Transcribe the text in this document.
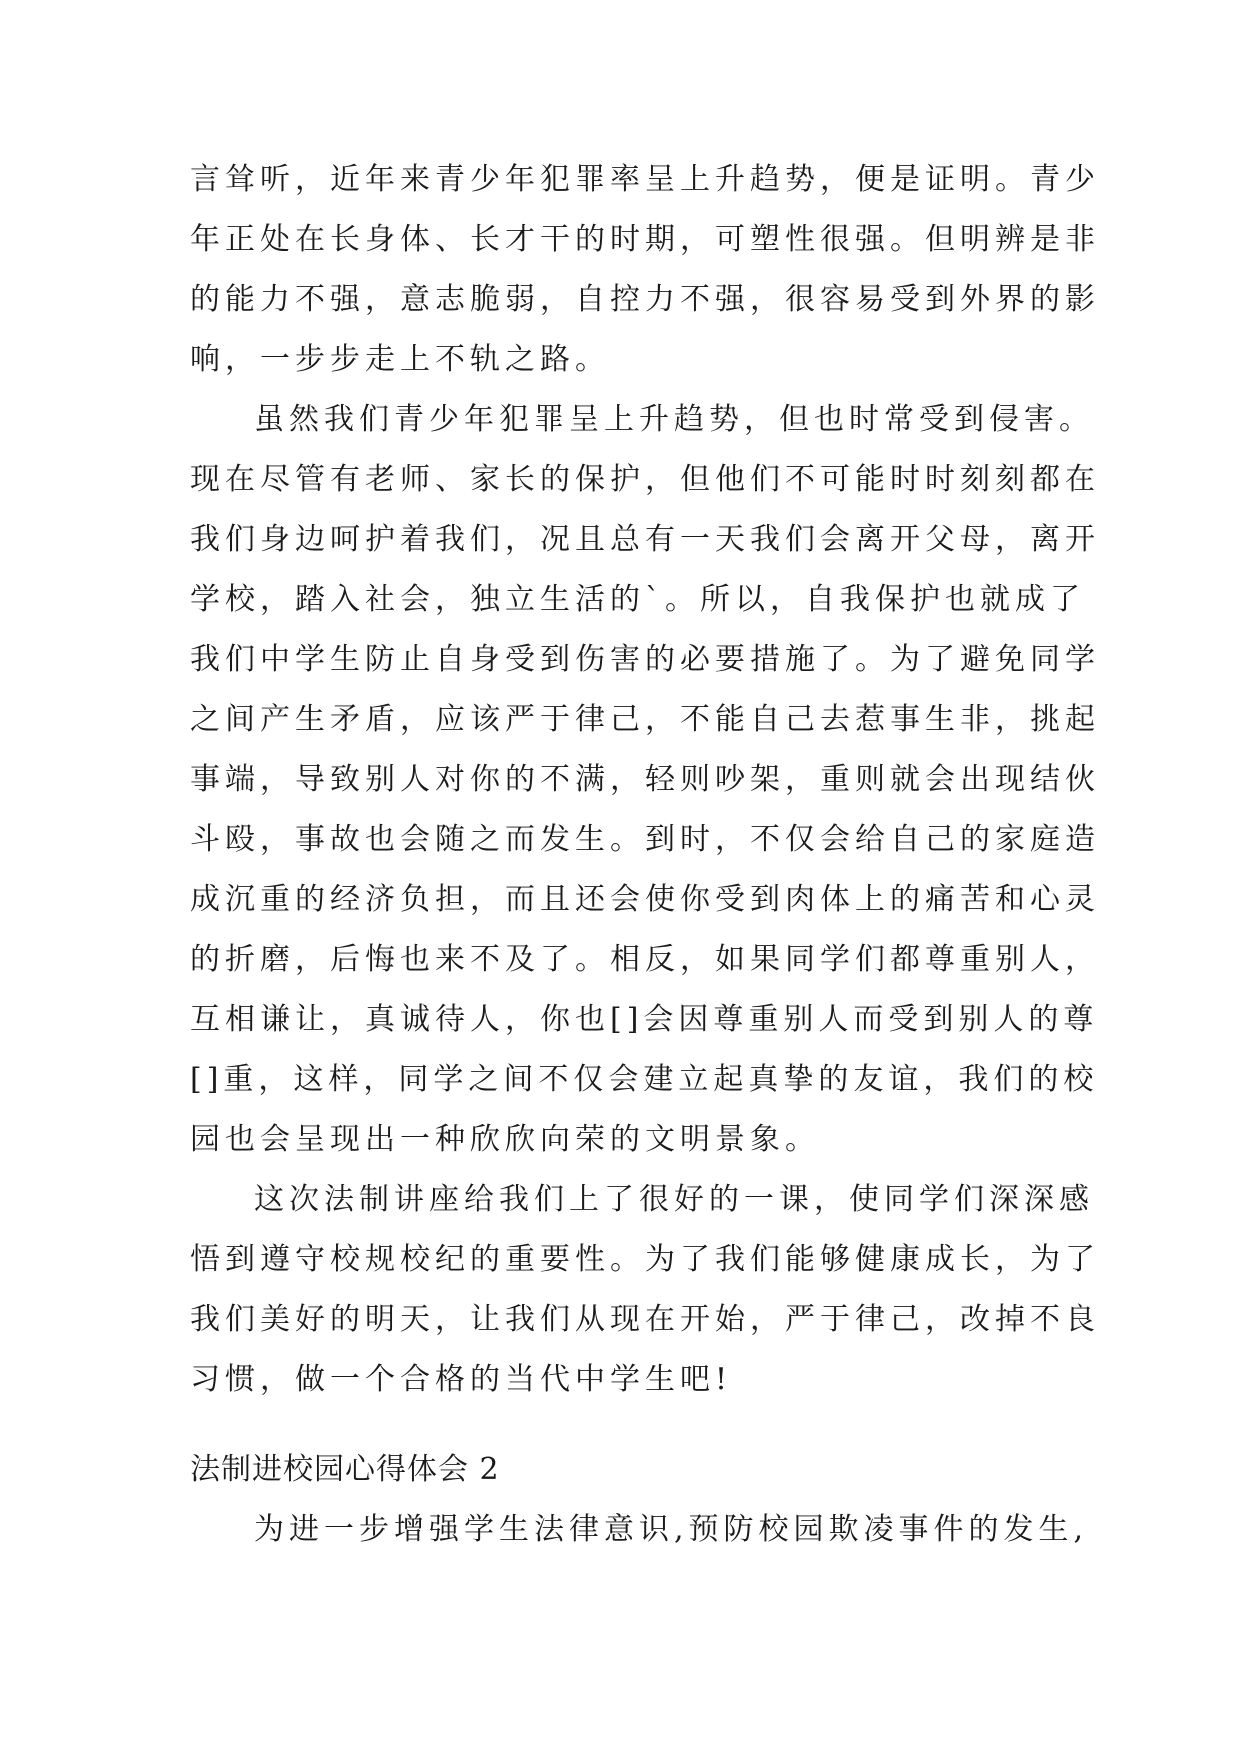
言耸听，近年来青少年犯罪率呈上升趋势，便是证明。青少
年正处在长身体、长才干的时期，可塑性很强。但明辨是非
的能力不强，意志脆弱，自控力不强，很容易受到外界的影
响，一步步走上不轨之路。
虽然我们青少年犯罪呈上升趋势，但也时常受到侵害。
现在尽管有老师、家长的保护，但他们不可能时时刻刻都在
我们身边呵护着我们，况且总有一天我们会离开父母，离开
学校，踏入社会，独立生活的`。所以，自我保护也就成了
我们中学生防止自身受到伤害的必要措施了。为了避免同学
之间产生矛盾，应该严于律己，不能自己去惹事生非，挑起
事端，导致别人对你的不满，轻则吵架，重则就会出现结伙
斗殴，事故也会随之而发生。到时，不仅会给自己的家庭造
成沉重的经济负担，而且还会使你受到肉体上的痛苦和心灵
的折磨，后悔也来不及了。相反，如果同学们都尊重别人，
互相谦让，真诚待人，你也[]会因尊重别人而受到别人的尊
[]重，这样，同学之间不仅会建立起真挚的友谊，我们的校
园也会呈现出一种欣欣向荣的文明景象。
这次法制讲座给我们上了很好的一课，使同学们深深感
悟到遵守校规校纪的重要性。为了我们能够健康成长，为了
我们美好的明天，让我们从现在开始，严于律己，改掉不良
习惯，做一个合格的当代中学生吧!
法制进校园心得体会 2
为进一步增强学生法律意识,预防校园欺凌事件的发生,
